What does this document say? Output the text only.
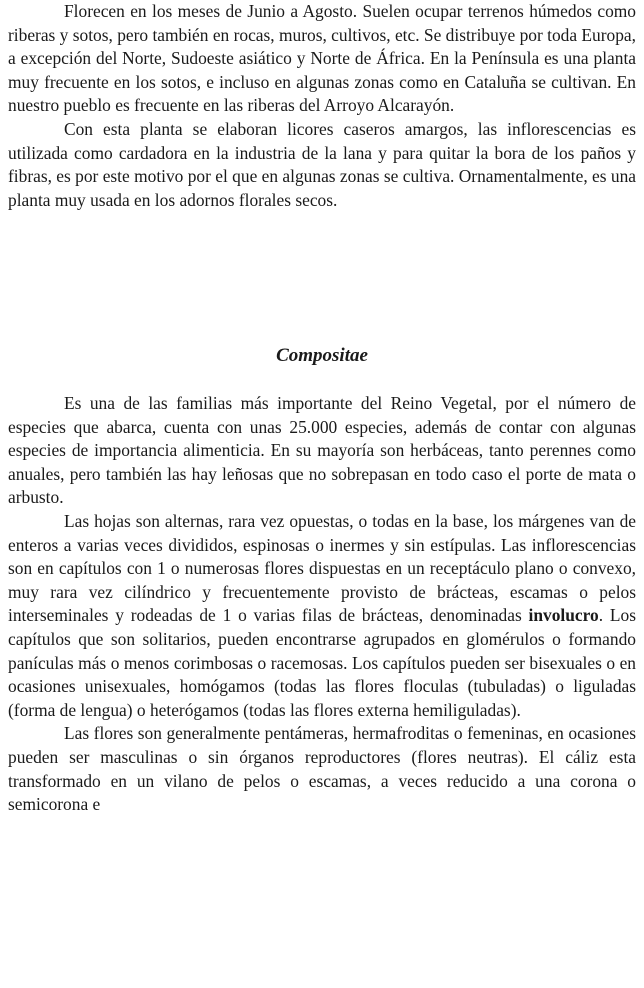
Florecen en los meses de Junio a Agosto. Suelen ocupar terrenos húmedos como riberas y sotos, pero también en rocas, muros, cultivos, etc. Se distribuye por toda Europa, a excepción del Norte, Sudoeste asiático y Norte de África. En la Península es una planta muy frecuente en los sotos, e incluso en algunas zonas como en Cataluña se cultivan. En nuestro pueblo es frecuente en las riberas del Arroyo Alcarayón.

Con esta planta se elaboran licores caseros amargos, las inflorescencias es utilizada como cardadora en la industria de la lana y para quitar la bora de los paños y fibras, es por este motivo por el que en algunas zonas se cultiva. Ornamentalmente, es una planta muy usada en los adornos florales secos.

Compositae

Es una de las familias más importante del Reino Vegetal, por el número de especies que abarca, cuenta con unas 25.000 especies, además de contar con algunas especies de importancia alimenticia. En su mayoría son herbáceas, tanto perennes como anuales, pero también las hay leñosas que no sobrepasan en todo caso el porte de mata o arbusto.

Las hojas son alternas, rara vez opuestas, o todas en la base, los márgenes van de enteros a varias veces divididos, espinosas o inermes y sin estípulas. Las inflorescencias son en capítulos con 1 o numerosas flores dispuestas en un receptáculo plano o convexo, muy rara vez cilíndrico y frecuentemente provisto de brácteas, escamas o pelos interseminales y rodeadas de 1 o varias filas de brácteas, denominadas involucro. Los capítulos que son solitarios, pueden encontrarse agrupados en glomérulos o formando panículas más o menos corimbosas o racemosas. Los capítulos pueden ser bisexuales o en ocasiones unisexuales, homógamos (todas las flores floculas (tubuladas) o liguladas (forma de lengua) o heterógamos (todas las flores externa hemiliguladas).

Las flores son generalmente pentámeras, hermafroditas o femeninas, en ocasiones pueden ser masculinas o sin órganos reproductores (flores neutras). El cáliz esta transformado en un vilano de pelos o escamas, a veces reducido a una corona o semicorona e
